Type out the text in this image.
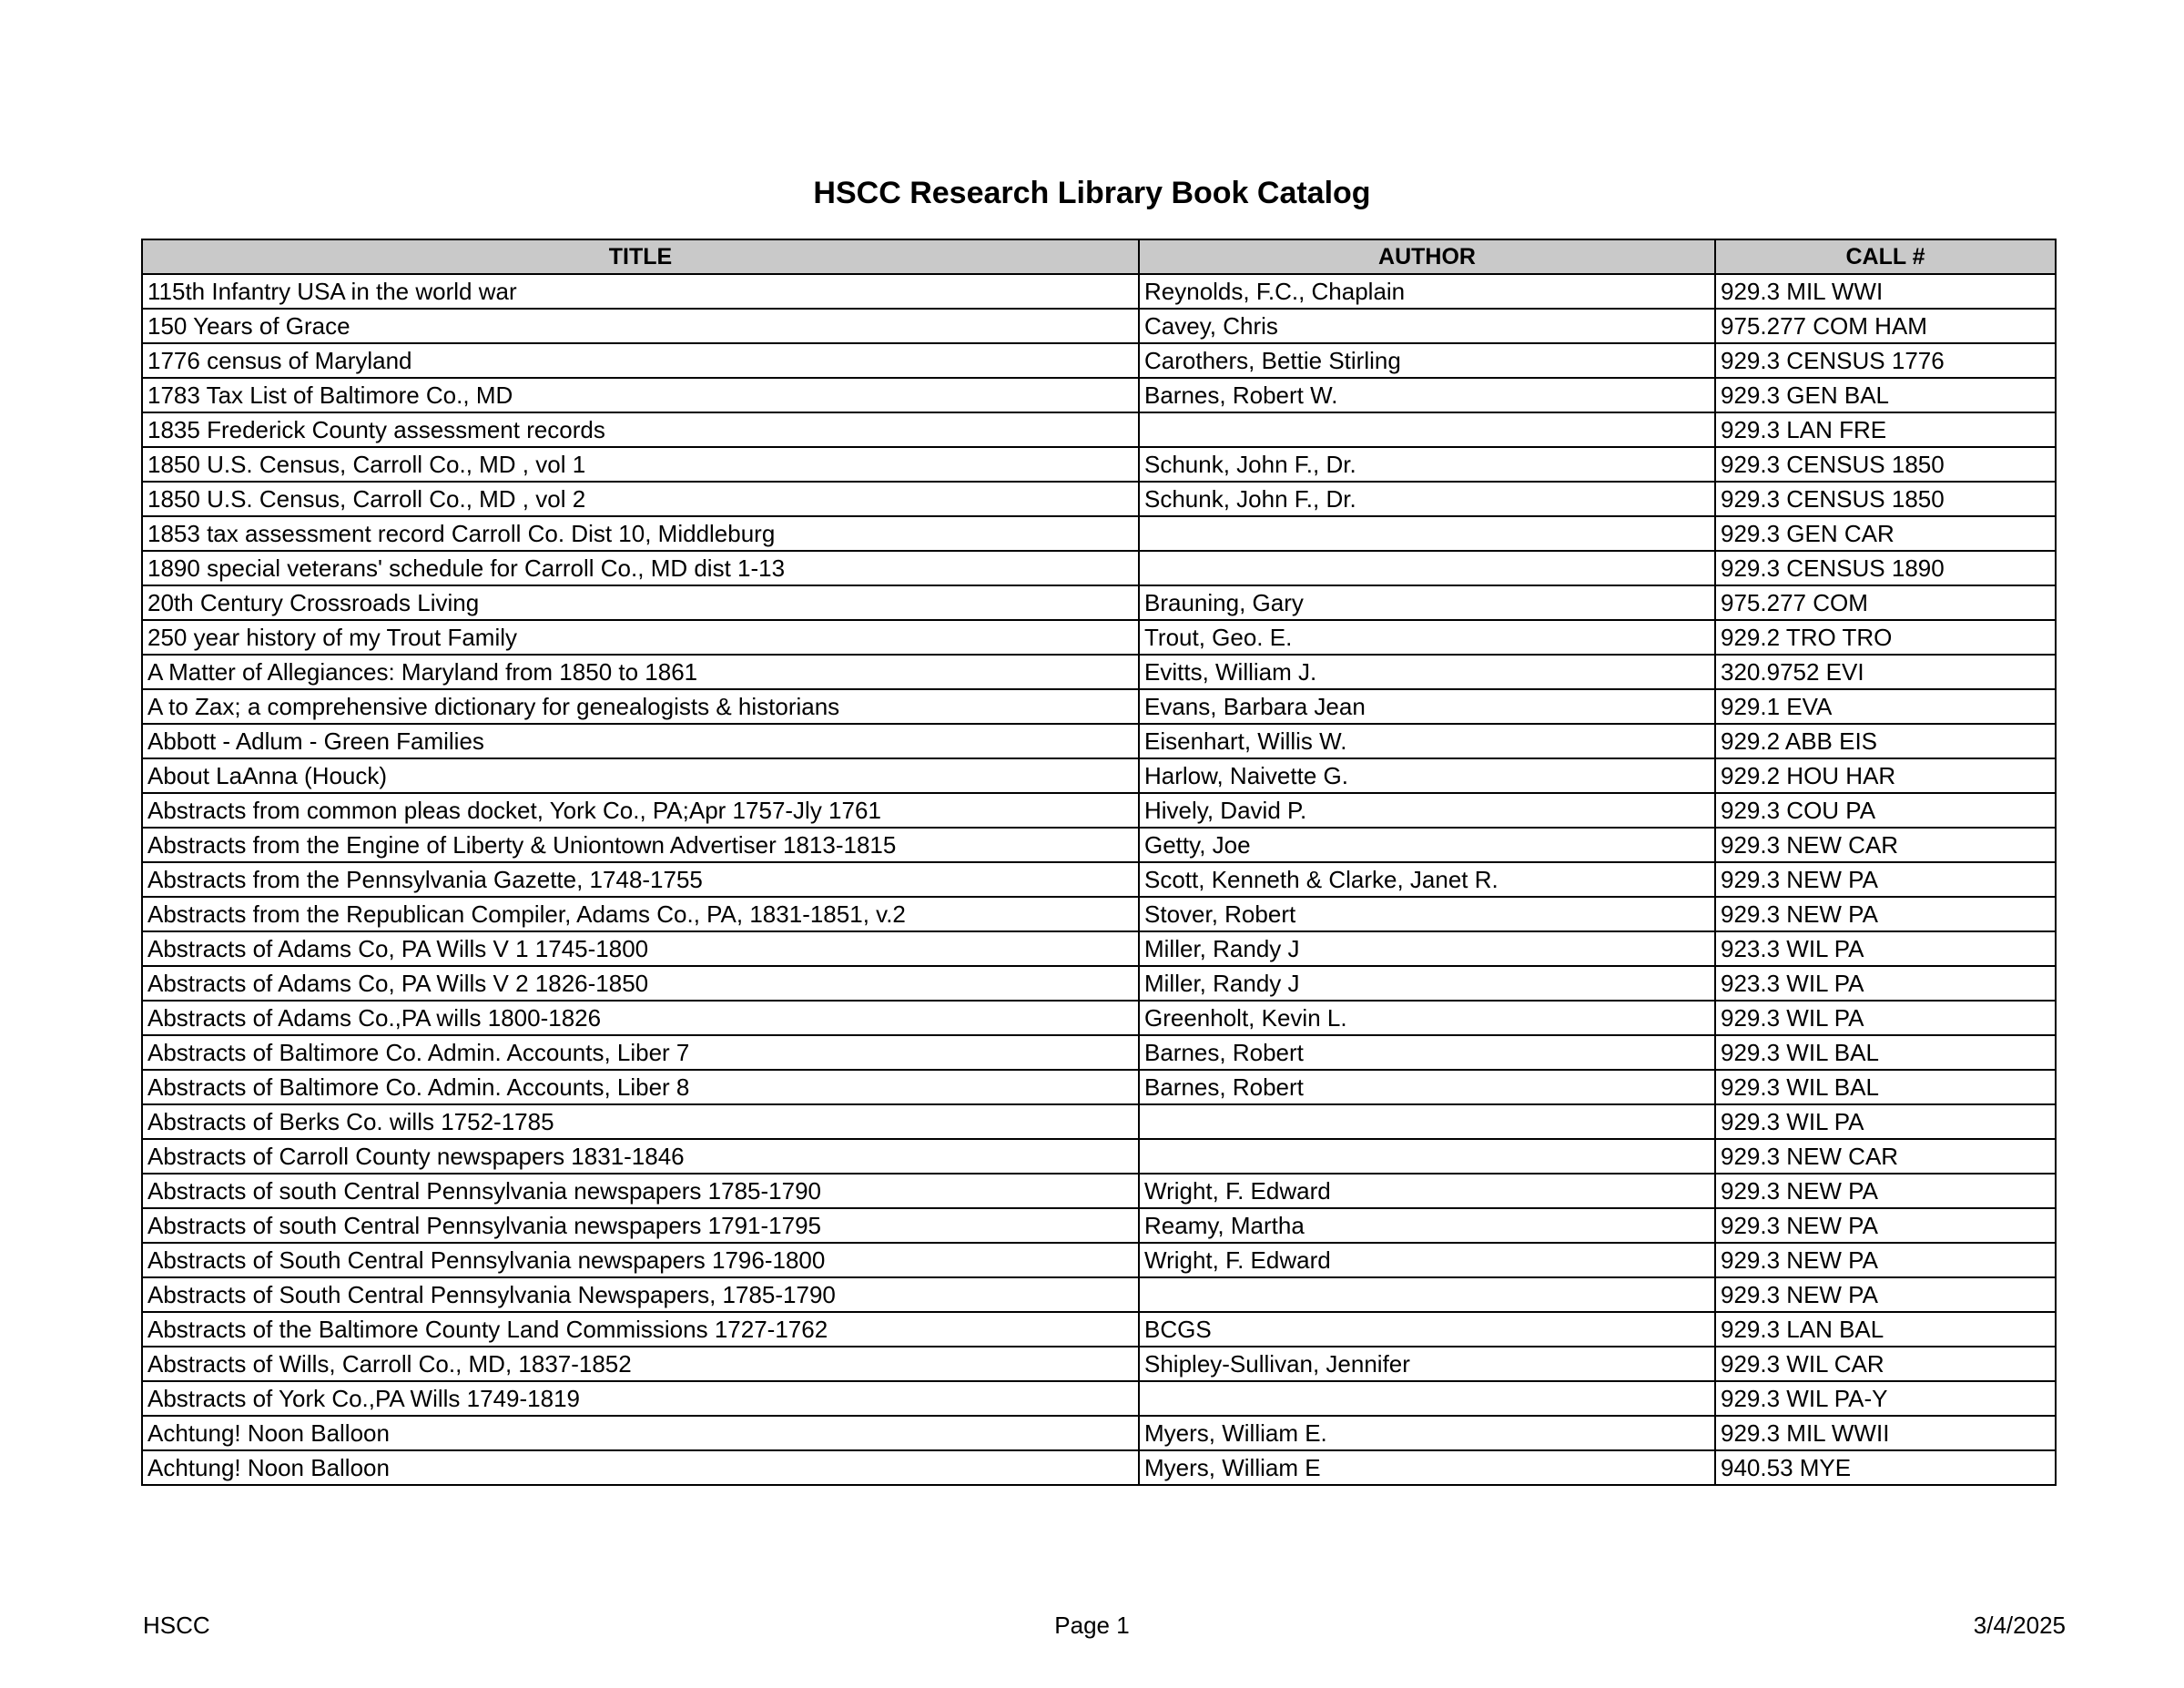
HSCC Research Library Book Catalog
TITLE	AUTHOR	CALL #
115th Infantry USA in the world war	Reynolds, F.C., Chaplain	929.3 MIL WWI
150 Years of Grace	Cavey, Chris	975.277 COM HAM
1776 census of Maryland	Carothers, Bettie Stirling	929.3 CENSUS 1776
1783 Tax List of Baltimore Co., MD	Barnes, Robert W.	929.3 GEN BAL
1835 Frederick County assessment records		929.3 LAN FRE
1850 U.S. Census, Carroll Co., MD , vol 1	Schunk, John F., Dr.	929.3 CENSUS 1850
1850 U.S. Census, Carroll Co., MD , vol 2	Schunk, John F., Dr.	929.3 CENSUS 1850
1853 tax assessment record Carroll Co. Dist 10, Middleburg		929.3 GEN CAR
1890 special veterans' schedule for Carroll Co., MD dist 1-13		929.3 CENSUS 1890
20th Century Crossroads Living	Brauning, Gary	975.277 COM
250 year history of my Trout Family	Trout, Geo. E.	929.2 TRO TRO
A Matter of Allegiances: Maryland from 1850 to 1861	Evitts, William J.	320.9752 EVI
A to Zax; a comprehensive dictionary for genealogists & historians	Evans, Barbara Jean	929.1 EVA
Abbott - Adlum - Green Families	Eisenhart, Willis W.	929.2 ABB EIS
About LaAnna (Houck)	Harlow, Naivette G.	929.2 HOU HAR
Abstracts from common pleas docket, York Co., PA;Apr 1757-Jly 1761	Hively, David P.	929.3 COU PA
Abstracts from the Engine of Liberty & Uniontown Advertiser 1813-1815	Getty, Joe	929.3 NEW CAR
Abstracts from the Pennsylvania Gazette, 1748-1755	Scott, Kenneth & Clarke, Janet R.	929.3 NEW PA
Abstracts from the Republican Compiler, Adams Co., PA, 1831-1851, v.2	Stover, Robert	929.3 NEW PA
Abstracts of Adams Co, PA Wills V 1 1745-1800	Miller, Randy J	923.3 WIL PA
Abstracts of Adams Co, PA Wills V 2 1826-1850	Miller, Randy J	923.3 WIL PA
Abstracts of Adams Co.,PA wills 1800-1826	Greenholt, Kevin L.	929.3 WIL PA
Abstracts of Baltimore Co. Admin. Accounts, Liber 7	Barnes, Robert	929.3 WIL BAL
Abstracts of Baltimore Co. Admin. Accounts, Liber 8	Barnes, Robert	929.3 WIL BAL
Abstracts of Berks Co. wills 1752-1785		929.3 WIL PA
Abstracts of Carroll County newspapers 1831-1846		929.3 NEW CAR
Abstracts of south Central Pennsylvania newspapers 1785-1790	Wright, F. Edward	929.3 NEW PA
Abstracts of south Central Pennsylvania newspapers 1791-1795	Reamy, Martha	929.3 NEW PA
Abstracts of South Central Pennsylvania newspapers 1796-1800	Wright, F. Edward	929.3 NEW PA
Abstracts of South Central Pennsylvania Newspapers, 1785-1790		929.3 NEW PA
Abstracts of the Baltimore County Land Commissions 1727-1762	BCGS	929.3 LAN BAL
Abstracts of Wills, Carroll Co., MD, 1837-1852	Shipley-Sullivan, Jennifer	929.3 WIL CAR
Abstracts of York Co.,PA Wills 1749-1819		929.3 WIL PA-Y
Achtung! Noon Balloon	Myers, William E.	929.3 MIL WWII
Achtung! Noon Balloon	Myers, William E	940.53 MYE
HSCC	Page 1	3/4/2025
